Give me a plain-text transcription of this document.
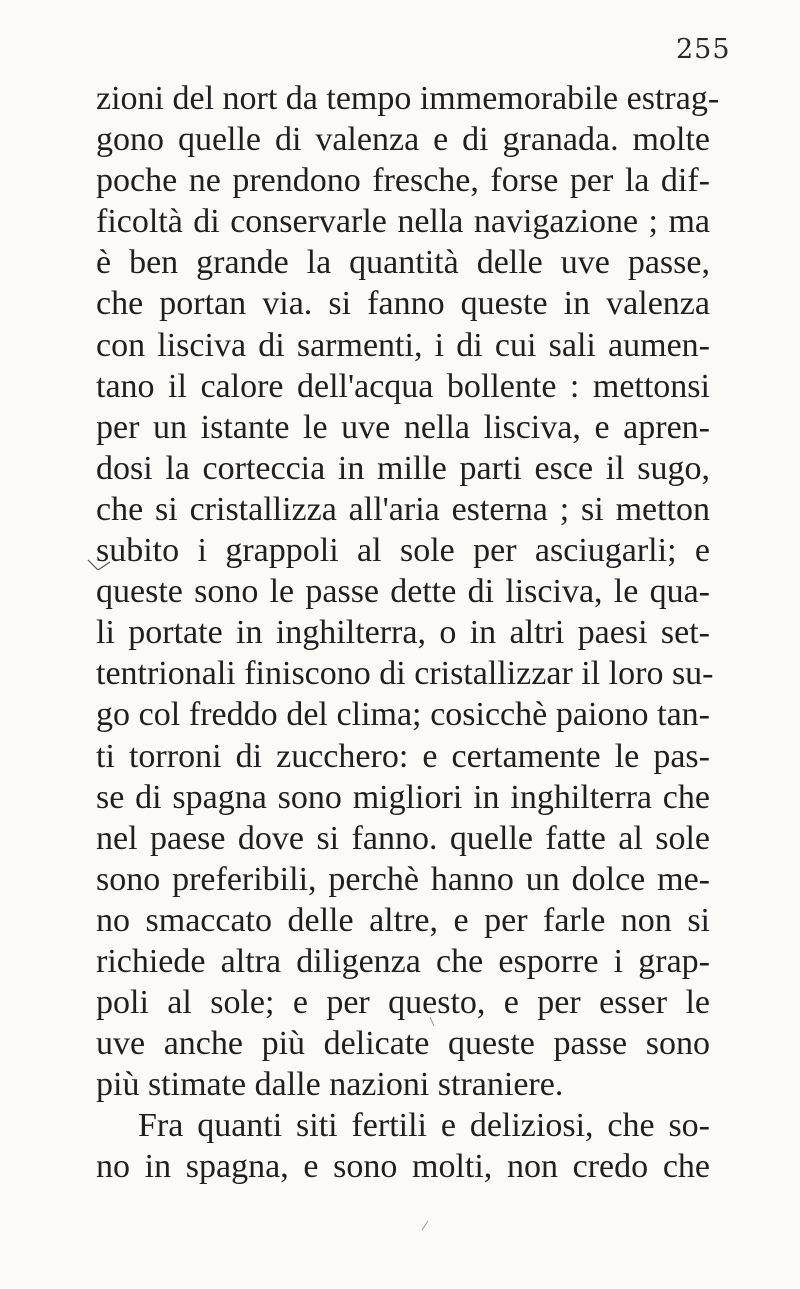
255
zioni del nort da tempo immemorabile estrag-
gono quelle di valenza e di granada. molte
poche ne prendono fresche, forse per la dif-
ficoltà di conservarle nella navigazione ; ma
è ben grande la quantità delle uve passe,
che portan via. si fanno queste in valenza
con lisciva di sarmenti, i di cui sali aumen-
tano il calore dell'acqua bollente : mettonsi
per un istante le uve nella lisciva, e apren-
dosi la corteccia in mille parti esce il sugo,
che si cristallizza all'aria esterna ; si metton
subito i grappoli al sole per asciugarli; e
queste sono le passe dette di lisciva, le qua-
li portate in inghilterra, o in altri paesi set-
tentrionali finiscono di cristallizzar il loro su-
go col freddo del clima; cosicchè paiono tan-
ti torroni di zucchero: e certamente le pas-
se di spagna sono migliori in inghilterra che
nel paese dove si fanno. quelle fatte al sole
sono preferibili, perchè hanno un dolce me-
no smaccato delle altre, e per farle non si
richiede altra diligenza che esporre i grap-
poli al sole; e per questo, e per esser le
uve anche più delicate queste passe sono
più stimate dalle nazioni straniere.
Fra quanti siti fertili e deliziosi, che so-
no in spagna, e sono molti, non credo che
